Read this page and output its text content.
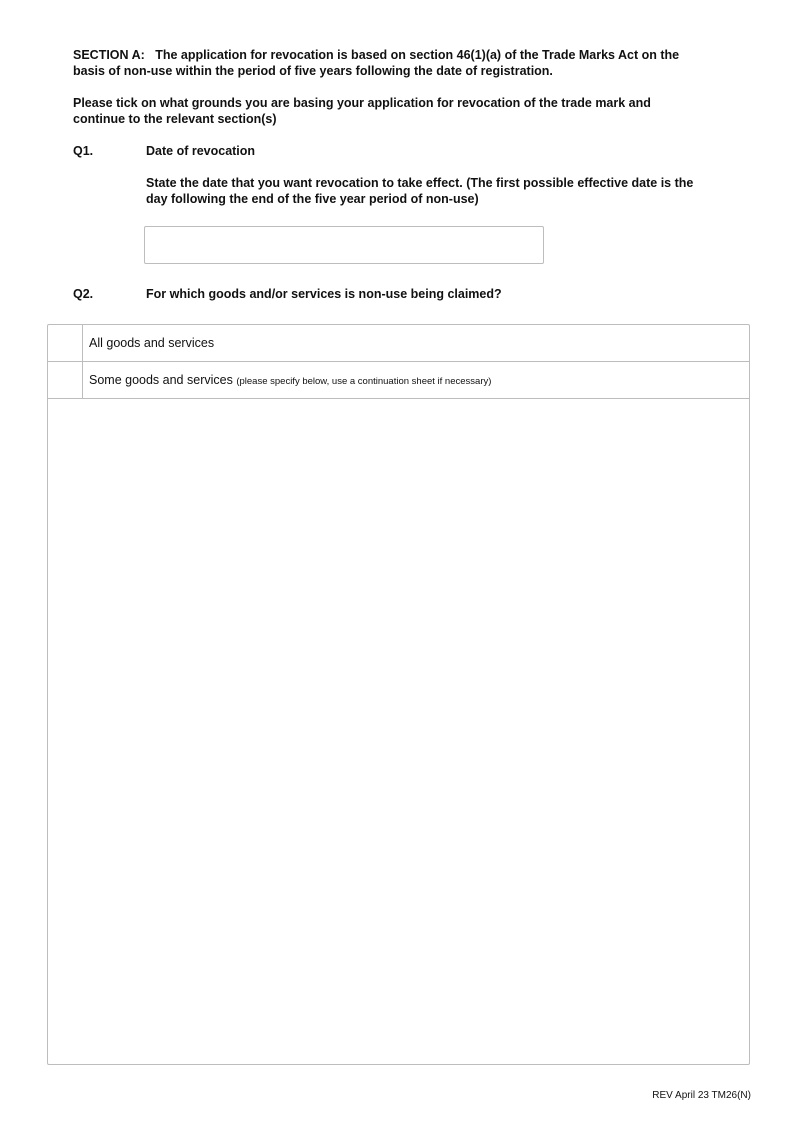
SECTION A: The application for revocation is based on section 46(1)(a) of the Trade Marks Act on the
basis of non-use within the period of five years following the date of registration.
Please tick on what grounds you are basing your application for revocation of the trade mark and
continue to the relevant section(s)
Q1.	Date of revocation
State the date that you want revocation to take effect. (The first possible effective date is the
day following the end of the five year period of non-use)
Q2.	For which goods and/or services is non-use being claimed?
All goods and services
Some goods and services (please specify below, use a continuation sheet if necessary)
REV April 23 TM26(N)
